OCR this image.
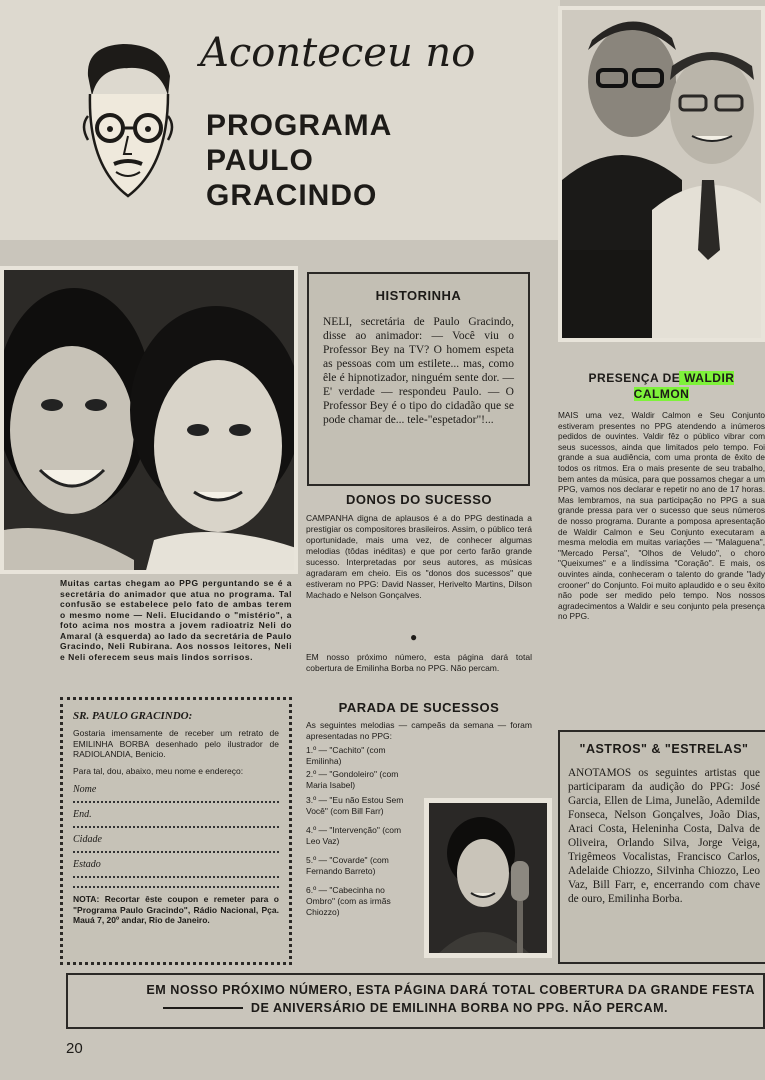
Aconteceu no
PROGRAMA
PAULO
GRACINDO
Muitas cartas chegam ao PPG perguntando se é a secretária do animador que atua no programa. Tal confusão se estabelece pelo fato de ambas terem o mesmo nome — Neli. Elucidando o "mistério", a foto acima nos mostra a jovem radioatriz Neli do Amaral (à esquerda) ao lado da secretária de Paulo Gracindo, Neli Rubirana. Aos nossos leitores, Neli e Neli oferecem seus mais lindos sorrisos.
HISTORINHA

NELI, secretária de Paulo Gracindo, disse ao animador: — Você viu o Professor Bey na TV? O homem espeta as pessoas com um estilete... mas, como êle é hipnotizador, ninguém sente dor. — E' verdade — respondeu Paulo. — O Professor Bey é o tipo do cidadão que se pode chamar de... tele-"espetador"!...

DONOS DO SUCESSO

CAMPANHA digna de aplausos é a do PPG destinada a prestigiar os compositores brasileiros. Assim, o público terá oportunidade, mais uma vez, de conhecer algumas melodias (tôdas inéditas) e que por certo farão grande sucesso. Interpretadas por seus autores, as músicas agradaram em cheio. Eis os "donos dos sucessos" que estiveram no PPG: David Nasser, Herivelto Martins, Dilson Machado e Nelson Gonçalves.

●

EM nosso próximo número, esta página dará total cobertura de Emilinha Borba no PPG. Não percam.

PARADA DE SUCESSOS

As seguintes melodias — campeãs da semana — foram apresentadas no PPG:

1.º — "Cachito" (com Emilinha)
2.º — "Gondoleiro" (com Maria Isabel)
3.º — "Eu não Estou Sem Você" (com Bill Farr)
4.º — "Intervenção" (com Leo Vaz)
5.º — "Covarde" (com Fernando Barreto)
6.º — "Cabecinha no Ombro" (com as irmãs Chiozzo)
SR. PAULO GRACINDO:

Gostaria imensamente de receber um retrato de EMILINHA BORBA desenhado pelo ilustrador de RADIOLANDIA, Benicio.

Para tal, dou, abaixo, meu nome e endereço:

Nome
End.
Cidade
Estado

NOTA: Recortar êste coupon e remeter para o "Programa Paulo Gracindo", Rádio Nacional, Pça. Mauá 7, 20º andar, Rio de Janeiro.

PRESENÇA DE WALDIR
CALMON

MAIS uma vez, Waldir Calmon e Seu Conjunto estiveram presentes no PPG atendendo a inúmeros pedidos de ouvintes. Valdir fêz o público vibrar com seus sucessos, ainda que limitados pelo tempo. Foi grande a sua audiência, com uma pronta de êxito de todos os ritmos. Era o mais presente de seu trabalho, bem antes da música, para que possamos chegar a um PPG, vamos nos declarar e repetir no ano de 17 horas. Mas lembramos, na sua participação no PPG a sua grande pressa para ver o sucesso que seus números de nosso programa. Durante a pomposa apresentação de Waldir Calmon e Seu Conjunto executaram a mesma melodia em muitas variações — "Malaguena", "Mercado Persa", "Olhos de Veludo", o choro "Queixumes" e a lindíssima "Coração". E mais, os ouvintes ainda, conheceram o talento do grande "lady crooner" do Conjunto. Foi muito aplaudido e o seu êxito não pode ser medido pelo tempo. Nos nossos agradecimentos a Waldir e seu conjunto pela presença no PPG.

"ASTROS" & "ESTRELAS"

ANOTAMOS os seguintes artistas que participaram da audição do PPG: José Garcia, Ellen de Lima, Junelão, Ademilde Fonseca, Nelson Gonçalves, João Dias, Araci Costa, Heleninha Costa, Dalva de Oliveira, Orlando Silva, Jorge Veiga, Trigêmeos Vocalistas, Francisco Carlos, Adelaide Chiozzo, Silvinha Chiozzo, Leo Vaz, Bill Farr, e, encerrando com chave de ouro, Emilinha Borba.

EM NOSSO PRÓXIMO NÚMERO, ESTA PÁGINA DARÁ TOTAL COBERTURA DA GRANDE FESTA
DE ANIVERSÁRIO DE EMILINHA BORBA NO PPG. NÃO PERCAM.
20
